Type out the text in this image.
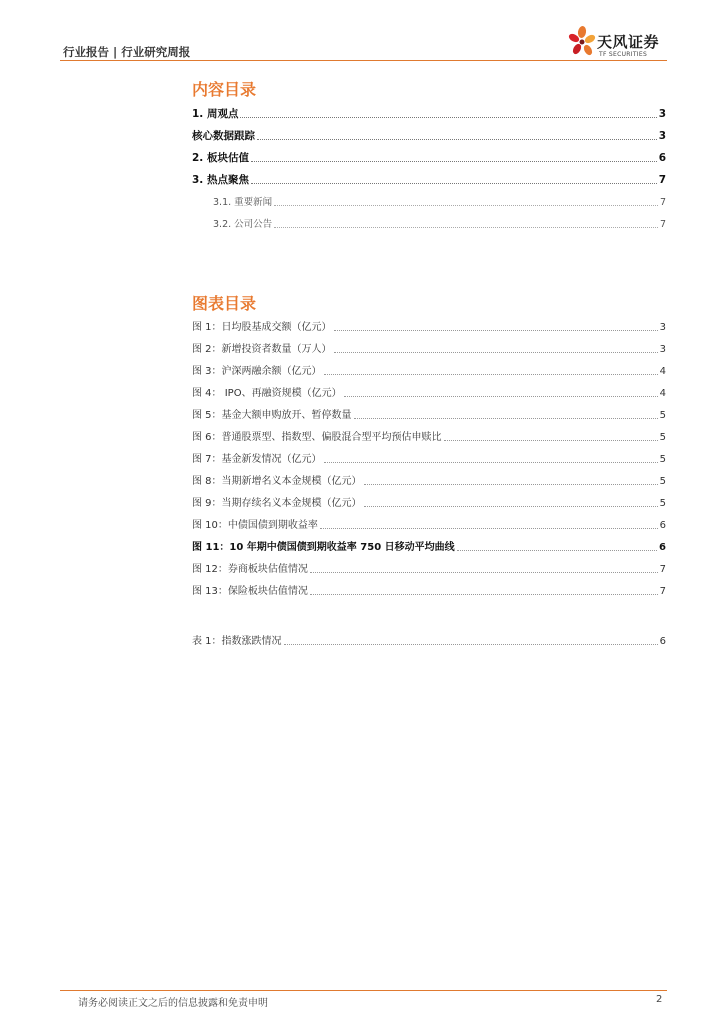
行业报告 | 行业研究周报
天风证券
TF SECURITIES
内容目录
1. 周观点	3
核心数据跟踪	3
2. 板块估值	6
3. 热点聚焦	7
3.1. 重要新闻	7
3.2. 公司公告	7
图表目录
图 1：日均股基成交额（亿元）	3
图 2：新增投资者数量（万人）	3
图 3：沪深两融余额（亿元）	4
图 4： IPO、再融资规模（亿元）	4
图 5：基金大额申购放开、暂停数量	5
图 6：普通股票型、指数型、偏股混合型平均预估申赎比	5
图 7：基金新发情况（亿元）	5
图 8：当期新增名义本金规模（亿元）	5
图 9：当期存续名义本金规模（亿元）	5
图 10：中债国债到期收益率	6
图 11：10 年期中债国债到期收益率 750 日移动平均曲线	6
图 12：券商板块估值情况	7
图 13：保险板块估值情况	7
表 1：指数涨跌情况	6
请务必阅读正文之后的信息披露和免责申明	2
